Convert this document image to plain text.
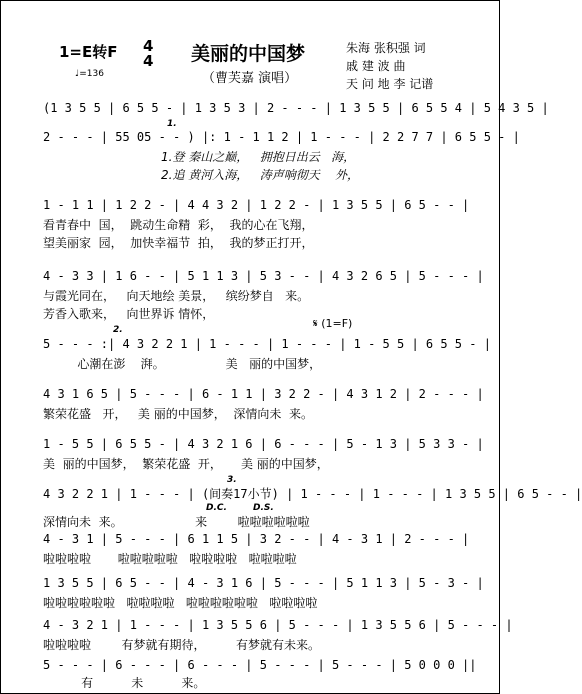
1=E转F
♩=136
4
4 美丽的中国梦
（曹芙嘉 演唱）
朱海 张积强 词
戚 建 波 曲
天 问 地 李 记谱
(1 3 5 5 | 6 5 5 - | 1 3 5 3 | 2 - - - | 1 3 5 5 | 6 5 5 4 | 5 4 3 5 |
2 - - - | 55 05 - - ) |: 1 - 1 1 2 | 1 - - - | 2 2 7 7 | 6 5 5 - |
1.
1.登 秦山之巅，   拥抱日出云   海，
2.追 黄河入海，   涛声响彻天    外，
1 - 1 1 | 1 2 2 - | 4 4 3 2 | 1 2 2 - | 1 3 5 5 | 6 5 - - |
看青春中  国，  跳动生命精  彩，  我的心在飞翔，
望美丽家  园，  加快幸福节  拍，  我的梦正打开，
4 - 3 3 | 1 6 - - | 5 1 1 3 | 5 3 - - | 4 3 2 6 5 | 5 - - - |
与霞光同在，   向天地绘 美景，   缤纷梦自   来。
芳香入歌来，   向世界诉 情怀，
2.	𝄋 (1=F)
5 - - - :| 4 3 2 2 1 | 1 - - - | 1 - - - | 1 - 5 5 | 6 5 5 - |
心潮在澎    湃。                美   丽的中国梦，
4 3 1 6 5 | 5 - - - | 6 - 1 1 | 3 2 2 - | 4 3 1 2 | 2 - - - |
繁荣花盛   开，   美 丽的中国梦，  深情向未  来。
1 - 5 5 | 6 5 5 - | 4 3 2 1 6 | 6 - - - | 5 - 1 3 | 5 3 3 - |
美  丽的中国梦，  繁荣花盛  开，     美 丽的中国梦，
3.
4 3 2 2 1 | 1 - - - | (间奏17小节) | 1 - - - | 1 - - - | 1 3 5 5 | 6 5 - - |
D.C.	D.S.
深情向未  来。                   来        啦啦啦啦啦啦
4 - 3 1 | 5 - - - | 6 1 1 5 | 3 2 - - | 4 - 3 1 | 2 - - - |
啦啦啦啦       啦啦啦啦啦   啦啦啦啦   啦啦啦啦
1 3 5 5 | 6 5 - - | 4 - 3 1 6 | 5 - - - | 5 1 1 3 | 5 - 3 - |
啦啦啦啦啦啦   啦啦啦啦   啦啦啦啦啦啦   啦啦啦啦
4 - 3 2 1 | 1 - - - | 1 3 5 5 6 | 5 - - - | 1 3 5 5 6 | 5 - - - |
啦啦啦啦        有梦就有期待，        有梦就有未来。
5 - - - | 6 - - - | 6 - - - | 5 - - - | 5 - - - | 5 0 0 0 ||
有          未          来。
